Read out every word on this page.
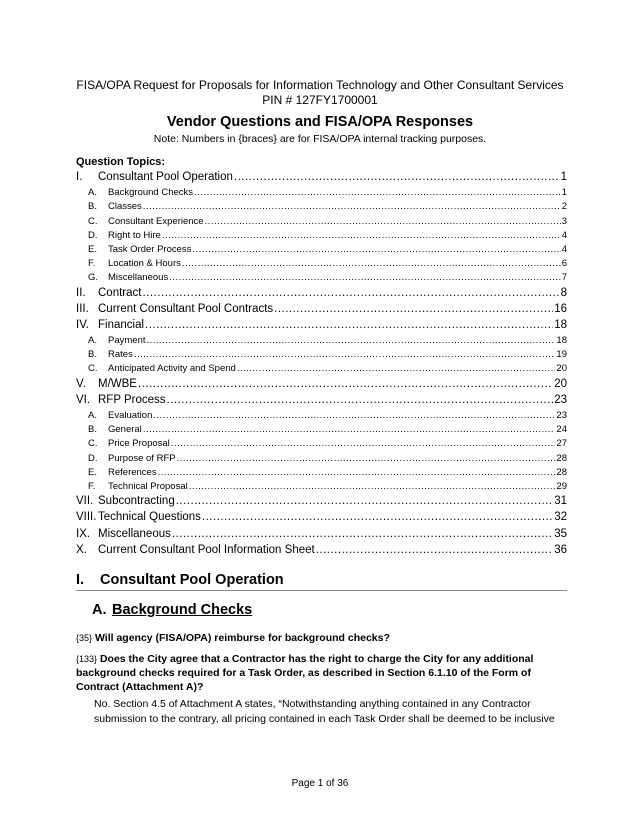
FISA/OPA Request for Proposals for Information Technology and Other Consultant Services
PIN # 127FY1700001
Vendor Questions and FISA/OPA Responses
Note: Numbers in {braces} are for FISA/OPA internal tracking purposes.
Question Topics:
I.	Consultant Pool Operation .....	1
A.	Background Checks .....	1
B.	Classes .....	2
C.	Consultant Experience .....	3
D.	Right to Hire .....	4
E.	Task Order Process .....	4
F.	Location & Hours .....	6
G.	Miscellaneous .....	7
II.	Contract .....	8
III. Current Consultant Pool Contracts .....	16
IV. Financial .....	18
A.	Payment .....	18
B.	Rates .....	19
C.	Anticipated Activity and Spend .....	20
V.	M/WBE .....	20
VI. RFP Process .....	23
A.	Evaluation .....	23
B.	General .....	24
C.	Price Proposal .....	27
D.	Purpose of RFP .....	28
E.	References .....	28
F.	Technical Proposal .....	29
VII. Subcontracting .....	31
VIII. Technical Questions .....	32
IX. Miscellaneous .....	35
X. Current Consultant Pool Information Sheet .....	36
I. Consultant Pool Operation
A. Background Checks
{35} Will agency (FISA/OPA) reimburse for background checks?
{133} Does the City agree that a Contractor has the right to charge the City for any additional background checks required for a Task Order, as described in Section 6.1.10 of the Form of Contract (Attachment A)?
No. Section 4.5 of Attachment A states, “Notwithstanding anything contained in any Contractor submission to the contrary, all pricing contained in each Task Order shall be deemed to be inclusive
Page 1 of 36
